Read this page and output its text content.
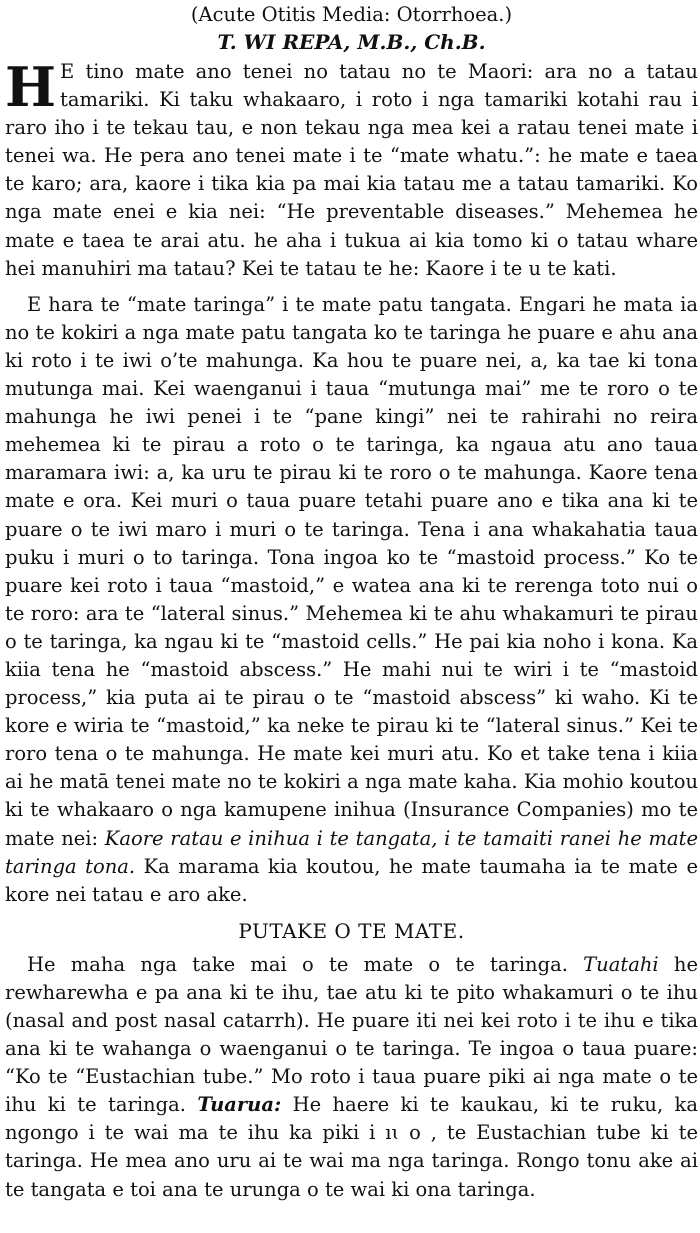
(Acute Otitis Media: Otorrhoea.)

T. WI REPA, M.B., Ch.B.

H E tino mate ano tenei no tatau no te Maori: ara no a tatau tamariki. Ki taku whakaaro, i roto i nga tamariki kotahi rau i raro iho i te tekau tau, e non tekau nga mea kei a ratau tenei mate i tenei wa. He pera ano tenei mate i te “mate whatu.”: he mate e taea te karo; ara, kaore i tika kia pa mai kia tatau me a tatau tamariki. Ko nga mate enei e kia nei: “He preventable diseases.” Mehemea he mate e taea te arai atu. he aha i tukua ai kia tomo ki o tatau whare hei manuhiri ma tatau? Kei te tatau te he: Kaore i te u te kati.

E hara te “mate taringa” i te mate patu tangata. Engari he mata ia no te kokiri a nga mate patu tangata ko te taringa he puare e ahu ana ki roto i te iwi o’te mahunga. Ka hou te puare nei, a, ka tae ki tona mutunga mai. Kei waenganui i taua “mutunga mai” me te roro o te mahunga he iwi penei i te “pane kingi” nei te rahirahi no reira mehemea ki te pirau a roto o te taringa, ka ngaua atu ano taua maramara iwi: a, ka uru te pirau ki te roro o te mahunga. Kaore tena mate e ora. Kei muri o taua puare tetahi puare ano e tika ana ki te puare o te iwi maro i muri o te taringa. Tena i ana whakahatia taua puku i muri o to taringa. Tona ingoa ko te “mastoid process.” Ko te puare kei roto i taua “mastoid,” e watea ana ki te rerenga toto nui o te roro: ara te “lateral sinus.” Mehemea ki te ahu whakamuri te pirau o te taringa, ka ngau ki te “mastoid cells.” He pai kia noho i kona. Ka kiia tena he “mastoid abscess.” He mahi nui te wiri i te “mastoid process,” kia puta ai te pirau o te “mastoid abscess” ki waho. Ki te kore e wiria te “mastoid,” ka neke te pirau ki te “lateral sinus.” Kei te roro tena o te mahunga. He mate kei muri atu. Ko et take tena i kiia ai he matā tenei mate no te kokiri a nga mate kaha. Kia mohio koutou ki te whakaaro o nga kamupene inihua (Insurance Companies) mo te mate nei: Kaore ratau e inihua i te tangata, i te tamaiti ranei he mate taringa tona. Ka marama kia koutou, he mate taumaha ia te mate e kore nei tatau e aro ake.

PUTAKE O TE MATE.

He maha nga take mai o te mate o te taringa. Tuatahi he rewharewha e pa ana ki te ihu, tae atu ki te pito whakamuri o te ihu (nasal and post nasal catarrh). He puare iti nei kei roto i te ihu e tika ana ki te wahanga o waenganui o te taringa. Te ingoa o taua puare: “Ko te “Eustachian tube.” Mo roto i taua puare piki ai nga mate o te ihu ki te taringa. Tuarua: He haere ki te kaukau, ki te ruku, ka ngongo i te wai ma te ihu ka piki i ıɩ o , te Eustachian tube ki te taringa. He mea ano uru ai te wai ma nga taringa. Rongo tonu ake ai te tangata e toi ana te urunga o te wai ki ona taringa.
